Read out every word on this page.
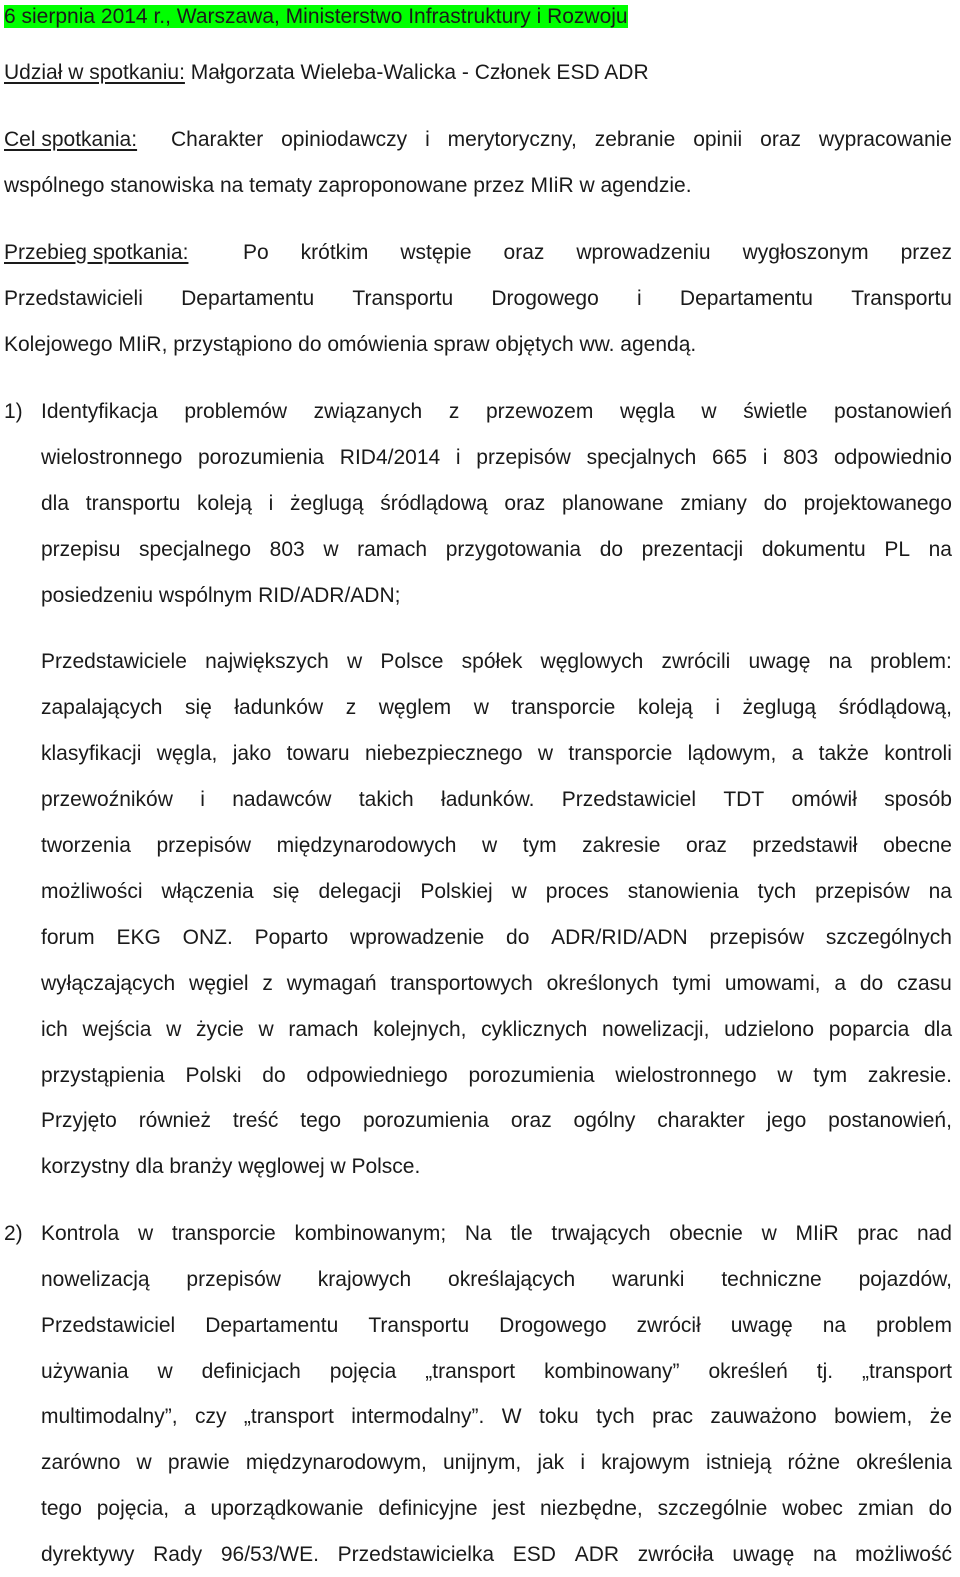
6 sierpnia 2014 r., Warszawa, Ministerstwo Infrastruktury i Rozwoju
Udział w spotkaniu: Małgorzata Wieleba-Walicka - Członek ESD ADR
Cel spotkania: Charakter opiniodawczy i merytoryczny, zebranie opinii oraz wypracowanie
wspólnego stanowiska na tematy zaproponowane przez MIiR w agendzie.
Przebieg spotkania:	Po krótkim wstępie oraz wprowadzeniu wygłoszonym przez
Przedstawicieli Departamentu Transportu Drogowego i Departamentu Transportu
Kolejowego MIiR, przystąpiono do omówienia spraw objętych ww. agendą.
1) Identyfikacja problemów związanych z przewozem węgla w świetle postanowień
wielostronnego porozumienia RID4/2014 i przepisów specjalnych 665 i 803 odpowiednio
dla transportu koleją i żeglugą śródlądową oraz planowane zmiany do projektowanego
przepisu specjalnego 803 w ramach przygotowania do prezentacji dokumentu PL na
posiedzeniu wspólnym RID/ADR/ADN;
Przedstawiciele największych w Polsce spółek węglowych zwrócili uwagę na problem:
zapalających się ładunków z węglem w transporcie koleją i żeglugą śródlądową,
klasyfikacji węgla, jako towaru niebezpiecznego w transporcie lądowym, a także kontroli
przewoźników i nadawców takich ładunków. Przedstawiciel TDT omówił sposób
tworzenia przepisów międzynarodowych w tym zakresie oraz przedstawił obecne
możliwości włączenia się delegacji Polskiej w proces stanowienia tych przepisów na
forum EKG ONZ. Poparto wprowadzenie do ADR/RID/ADN przepisów szczególnych
wyłączających węgiel z wymagań transportowych określonych tymi umowami, a do czasu
ich wejścia w życie w ramach kolejnych, cyklicznych nowelizacji, udzielono poparcia dla
przystąpienia Polski do odpowiedniego porozumienia wielostronnego w tym zakresie.
Przyjęto również treść tego porozumienia oraz ogólny charakter jego postanowień,
korzystny dla branży węglowej w Polsce.
2) Kontrola w transporcie kombinowanym; Na tle trwających obecnie w MIiR prac nad
nowelizacją przepisów krajowych określających warunki techniczne pojazdów,
Przedstawiciel Departamentu Transportu Drogowego zwrócił uwagę na problem
używania w definicjach pojęcia „transport kombinowany” określeń tj. „transport
multimodalny”, czy „transport intermodalny”. W toku tych prac zauważono bowiem, że
zarówno w prawie międzynarodowym, unijnym, jak i krajowym istnieją różne określenia
tego pojęcia, a uporządkowanie definicyjne jest niezbędne, szczególnie wobec zmian do
dyrektywy Rady 96/53/WE. Przedstawicielka ESD ADR zwróciła uwagę na możliwość
